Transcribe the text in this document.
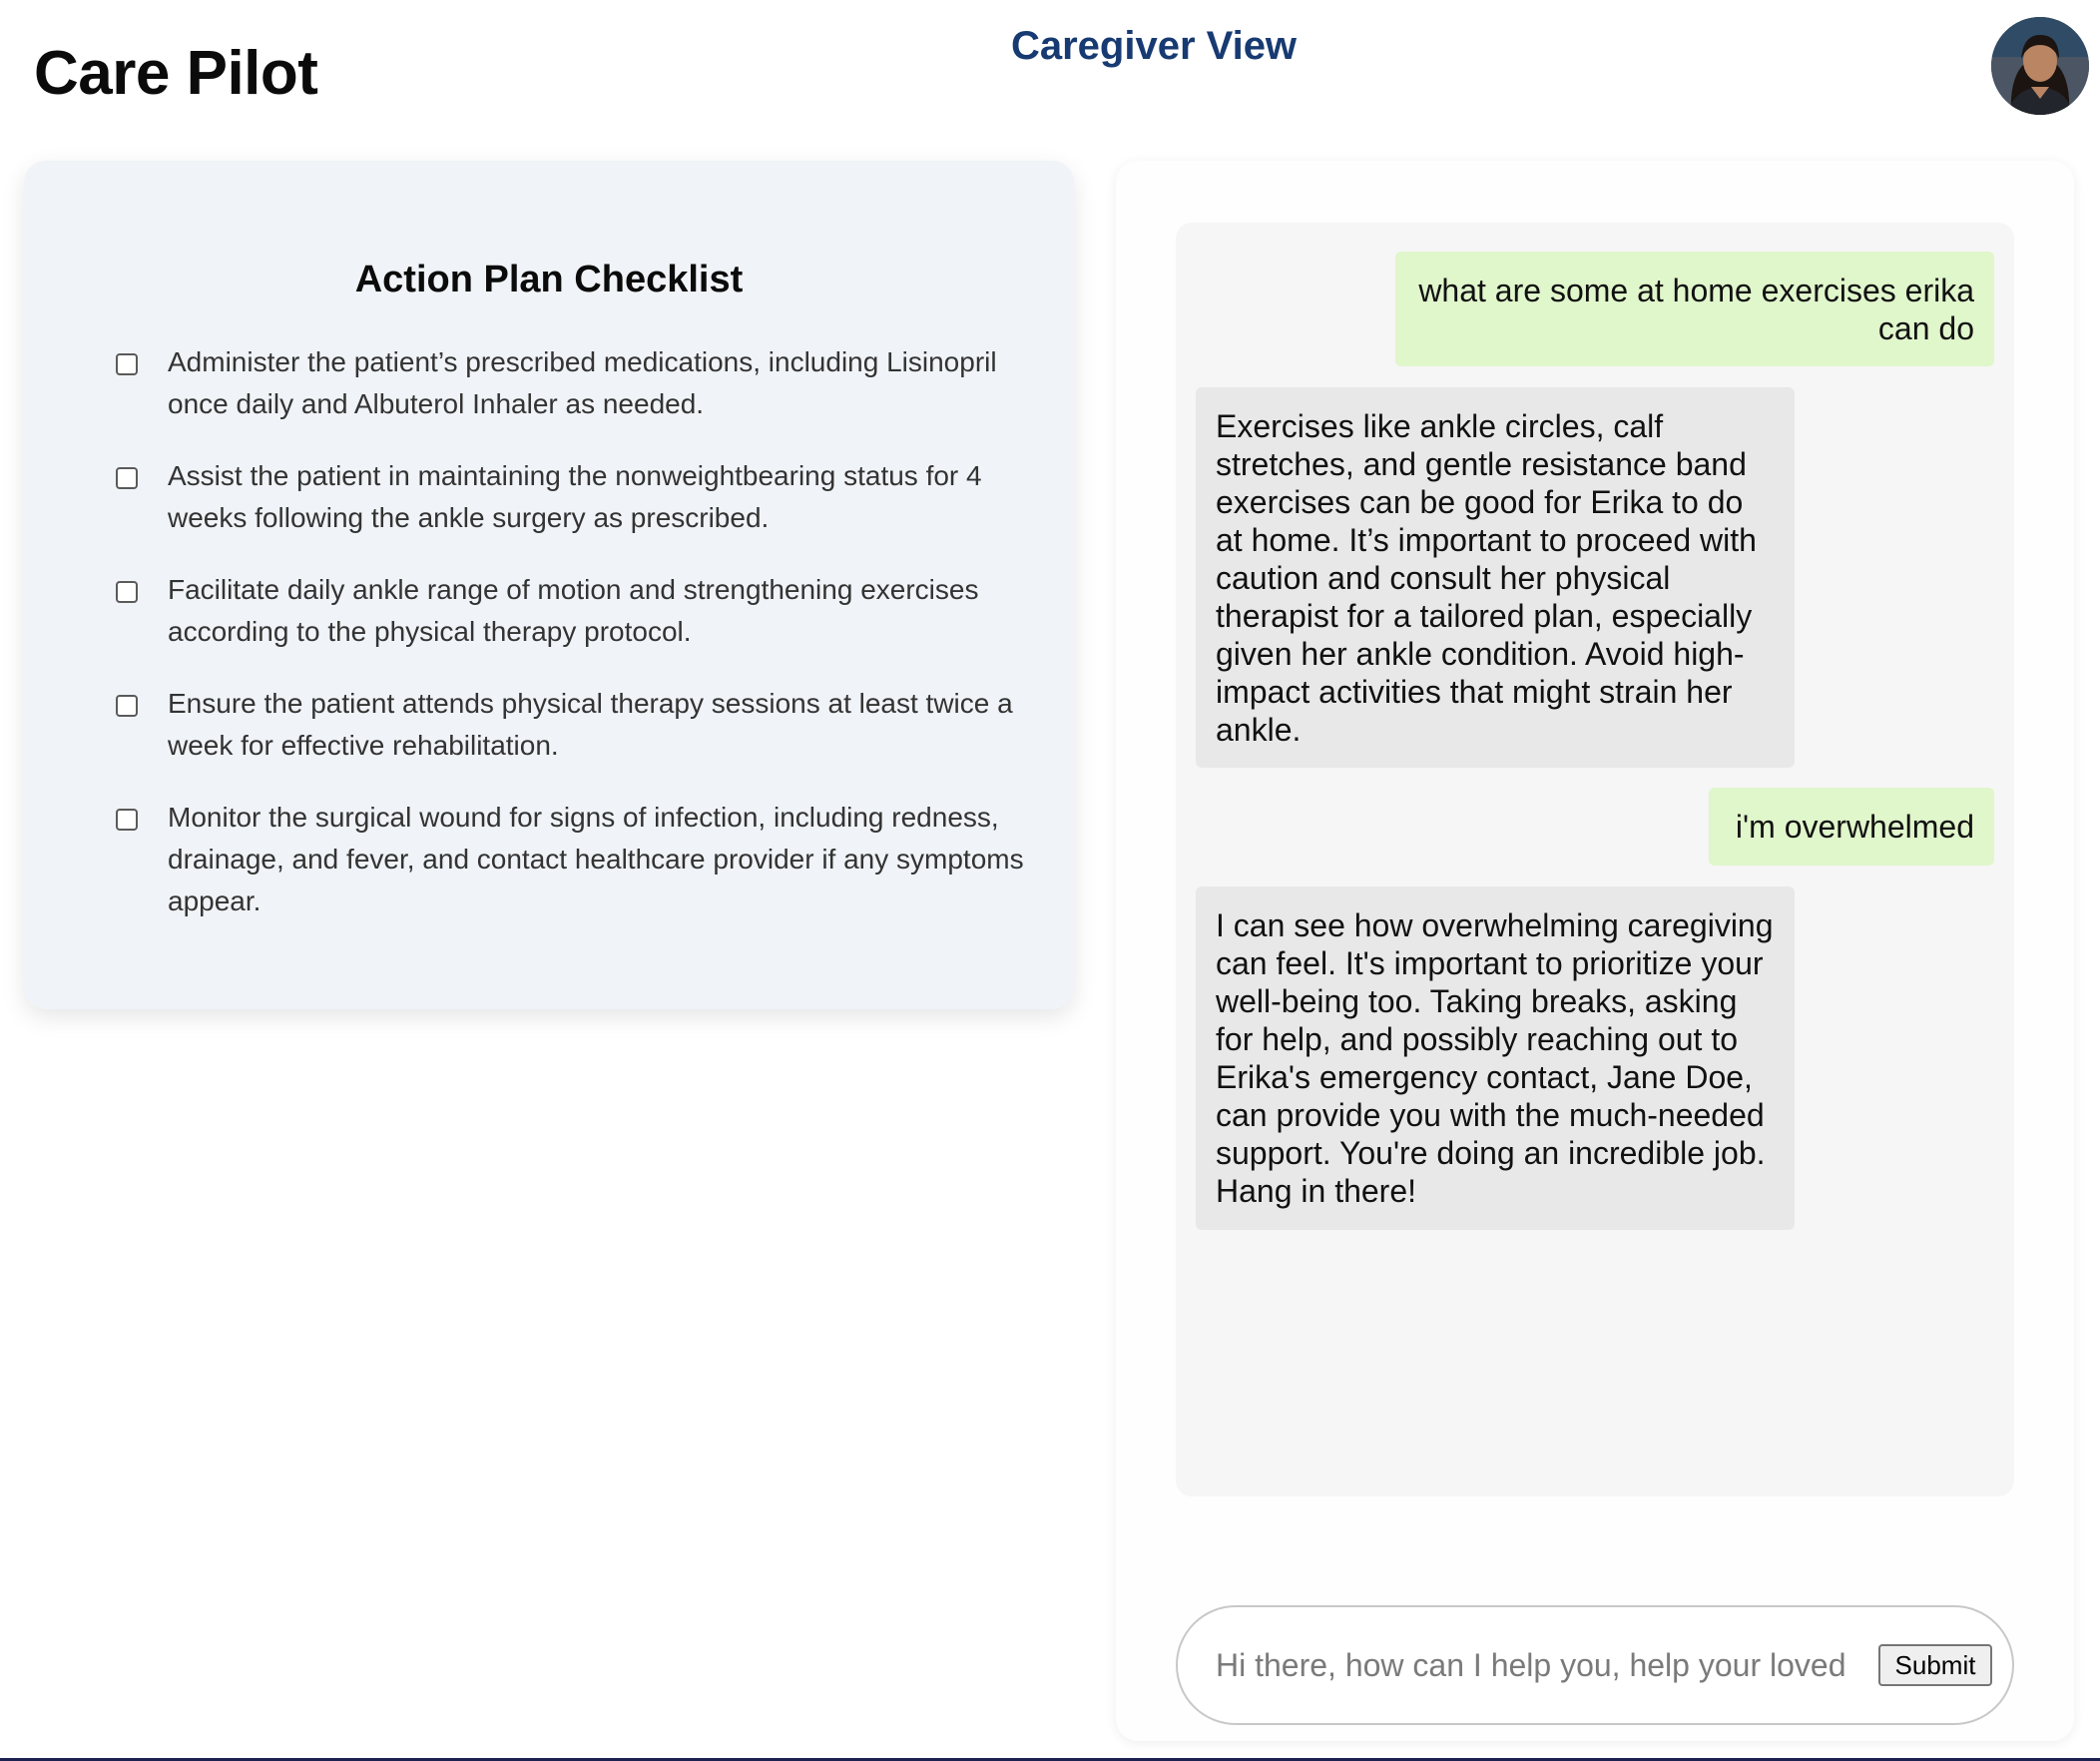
Care Pilot	Caregiver View
Action Plan Checklist
Administer the patient’s prescribed medications, including Lisinopril once daily and Albuterol Inhaler as needed.
Assist the patient in maintaining the nonweightbearing status for 4 weeks following the ankle surgery as prescribed.
Facilitate daily ankle range of motion and strengthening exercises according to the physical therapy protocol.
Ensure the patient attends physical therapy sessions at least twice a week for effective rehabilitation.
Monitor the surgical wound for signs of infection, including redness, drainage, and fever, and contact healthcare provider if any symptoms appear.
what are some at home exercises erika can do
Exercises like ankle circles, calf stretches, and gentle resistance band exercises can be good for Erika to do at home. It’s important to proceed with caution and consult her physical therapist for a tailored plan, especially given her ankle condition. Avoid high-impact activities that might strain her ankle.
i'm overwhelmed
I can see how overwhelming caregiving can feel. It's important to prioritize your well-being too. Taking breaks, asking for help, and possibly reaching out to Erika's emergency contact, Jane Doe, can provide you with the much-needed support. You're doing an incredible job. Hang in there!
Hi there, how can I help you, help your loved
Submit
